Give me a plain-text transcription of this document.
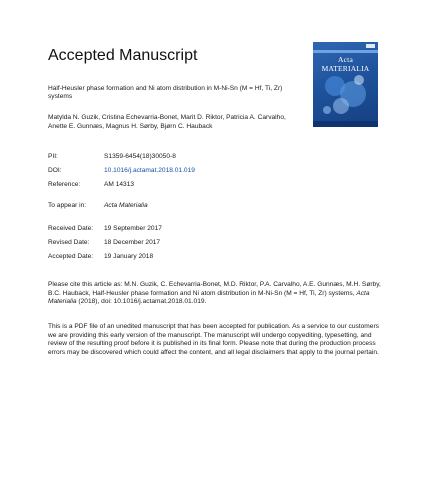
Accepted Manuscript
Half-Heusler phase formation and Ni atom distribution in M-Ni-Sn (M = Hf, Ti, Zr) systems
Matylda N. Guzik, Cristina Echevarria-Bonet, Marit D. Riktor, Patricia A. Carvalho, Anette E. Gunnæs, Magnus H. Sørby, Bjørn C. Hauback
Acta MATERIALIA
PII:	S1359-6454(18)30050-8
DOI:	10.1016/j.actamat.2018.01.019
Reference:	AM 14313
To appear in:	Acta Materialia
Received Date: 19 September 2017
Revised Date: 18 December 2017
Accepted Date: 19 January 2018
Please cite this article as: M.N. Guzik, C. Echevarria-Bonet, M.D. Riktor, P.A. Carvalho, A.E. Gunnæs, M.H. Sørby, B.C. Hauback, Half-Heusler phase formation and Ni atom distribution in M-Ni-Sn (M = Hf, Ti, Zr) systems, Acta Materialia (2018), doi: 10.1016/j.actamat.2018.01.019.
This is a PDF file of an unedited manuscript that has been accepted for publication. As a service to our customers we are providing this early version of the manuscript. The manuscript will undergo copyediting, typesetting, and review of the resulting proof before it is published in its final form. Please note that during the production process errors may be discovered which could affect the content, and all legal disclaimers that apply to the journal pertain.
